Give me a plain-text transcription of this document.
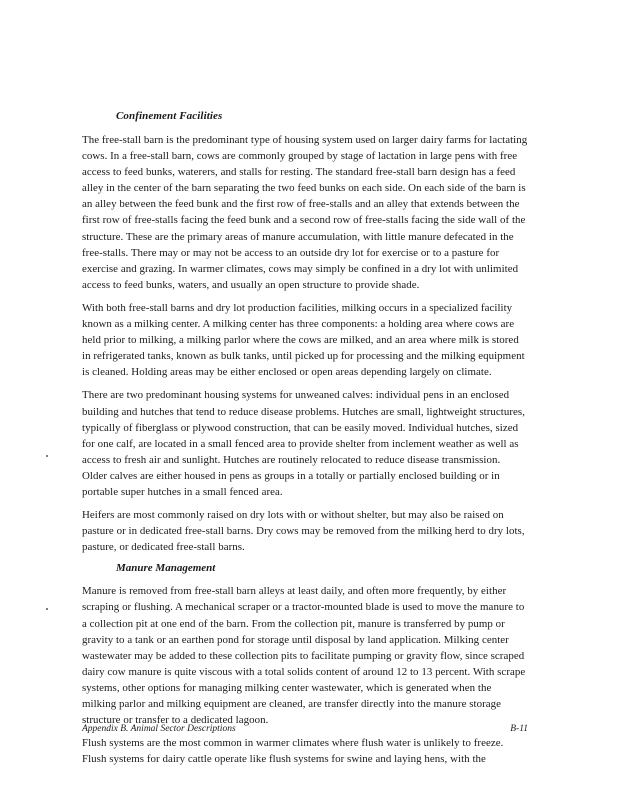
Confinement Facilities

The free-stall barn is the predominant type of housing system used on larger dairy farms for lactating cows. In a free-stall barn, cows are commonly grouped by stage of lactation in large pens with free access to feed bunks, waterers, and stalls for resting. The standard free-stall barn design has a feed alley in the center of the barn separating the two feed bunks on each side. On each side of the barn is an alley between the feed bunk and the first row of free-stalls and an alley that extends between the first row of free-stalls facing the feed bunk and a second row of free-stalls facing the side wall of the structure. These are the primary areas of manure accumulation, with little manure defecated in the free-stalls. There may or may not be access to an outside dry lot for exercise or to a pasture for exercise and grazing. In warmer climates, cows may simply be confined in a dry lot with unlimited access to feed bunks, waters, and usually an open structure to provide shade.

With both free-stall barns and dry lot production facilities, milking occurs in a specialized facility known as a milking center. A milking center has three components: a holding area where cows are held prior to milking, a milking parlor where the cows are milked, and an area where milk is stored in refrigerated tanks, known as bulk tanks, until picked up for processing and the milking equipment is cleaned. Holding areas may be either enclosed or open areas depending largely on climate.

There are two predominant housing systems for unweaned calves: individual pens in an enclosed building and hutches that tend to reduce disease problems. Hutches are small, lightweight structures, typically of fiberglass or plywood construction, that can be easily moved. Individual hutches, sized for one calf, are located in a small fenced area to provide shelter from inclement weather as well as access to fresh air and sunlight. Hutches are routinely relocated to reduce disease transmission. Older calves are either housed in pens as groups in a totally or partially enclosed building or in portable super hutches in a small fenced area.

Heifers are most commonly raised on dry lots with or without shelter, but may also be raised on pasture or in dedicated free-stall barns. Dry cows may be removed from the milking herd to dry lots, pasture, or dedicated free-stall barns.

Manure Management

Manure is removed from free-stall barn alleys at least daily, and often more frequently, by either scraping or flushing. A mechanical scraper or a tractor-mounted blade is used to move the manure to a collection pit at one end of the barn. From the collection pit, manure is transferred by pump or gravity to a tank or an earthen pond for storage until disposal by land application. Milking center wastewater may be added to these collection pits to facilitate pumping or gravity flow, since scraped dairy cow manure is quite viscous with a total solids content of around 12 to 13 percent. With scrape systems, other options for managing milking center wastewater, which is generated when the milking parlor and milking equipment are cleaned, are transfer directly into the manure storage structure or transfer to a dedicated lagoon.

Flush systems are the most common in warmer climates where flush water is unlikely to freeze. Flush systems for dairy cattle operate like flush systems for swine and laying hens, with the

Appendix B. Animal Sector Descriptions	B-11
